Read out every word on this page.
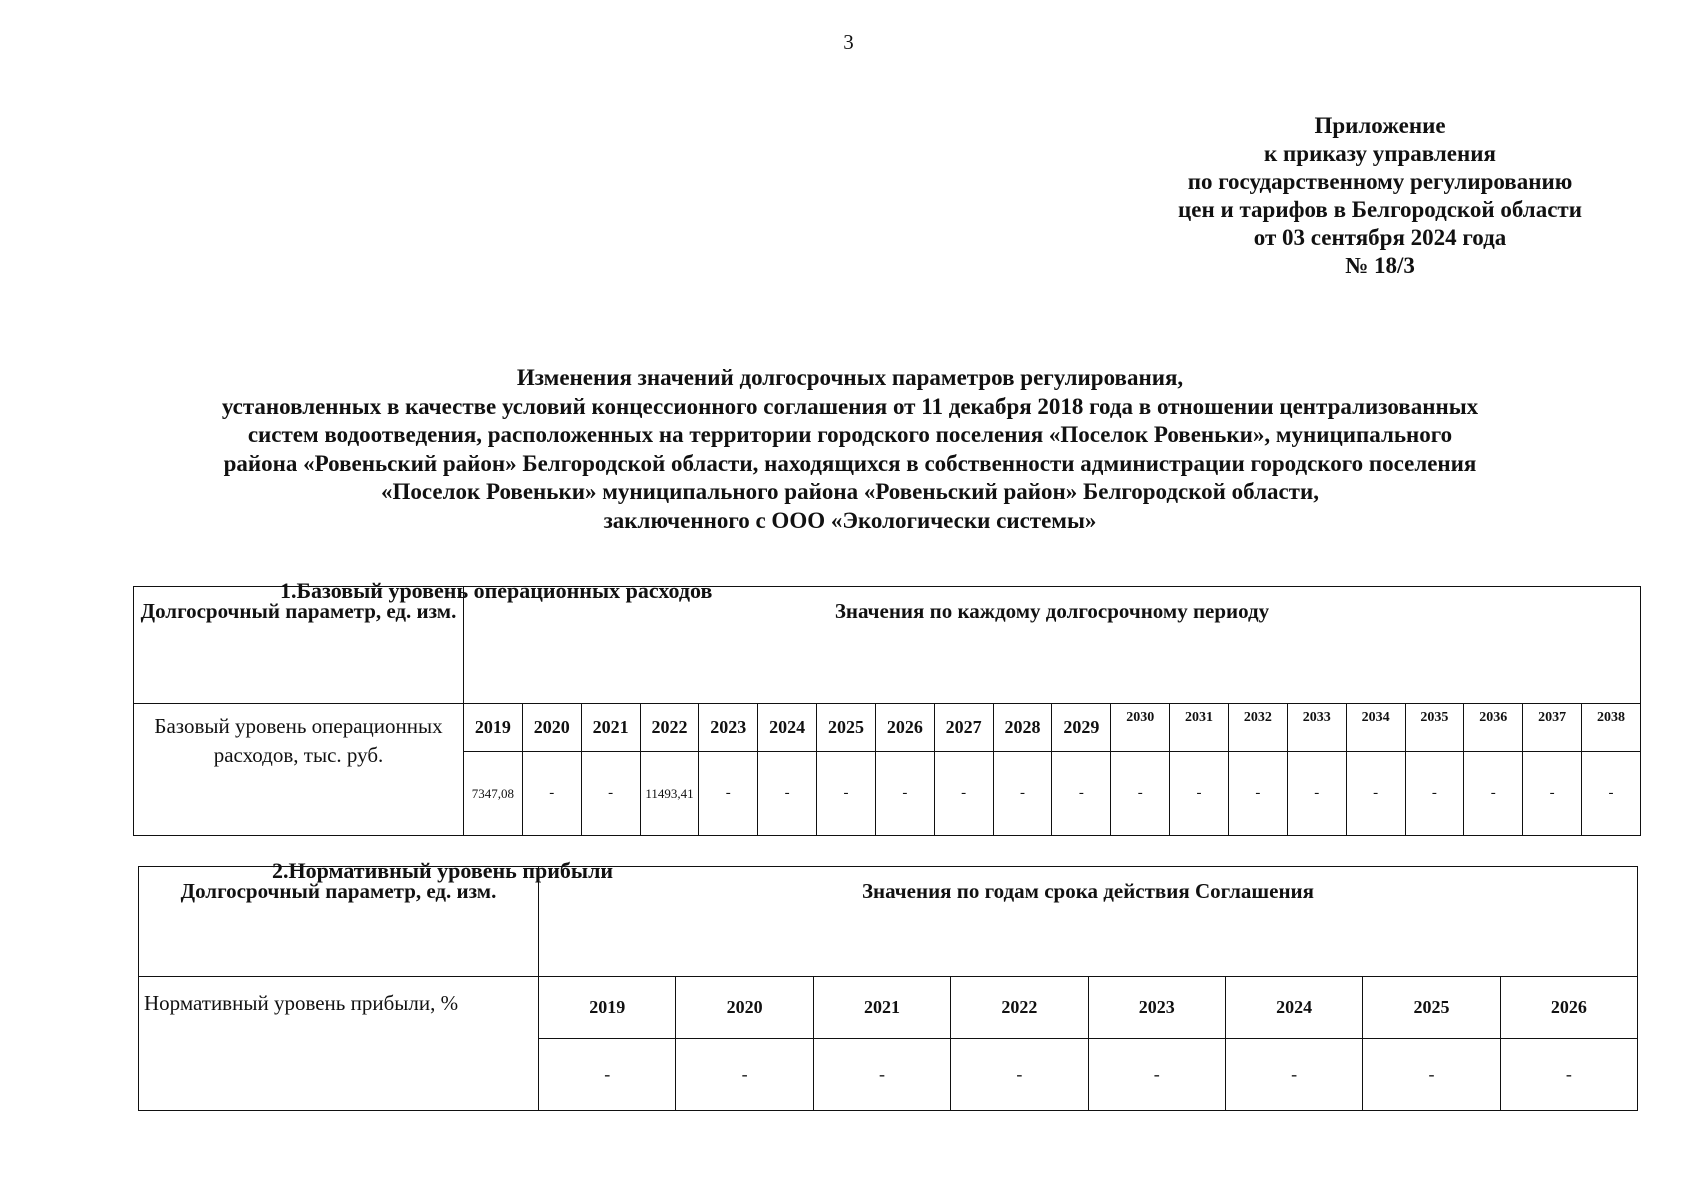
3
Приложение
к приказу управления
по государственному регулированию
цен и тарифов в Белгородской области
от 03 сентября 2024 года
№ 18/3
Изменения значений долгосрочных параметров регулирования,
установленных в качестве условий концессионного соглашения от 11 декабря 2018 года в отношении централизованных
систем водоотведения, расположенных на территории городского поселения «Поселок Ровеньки», муниципального
района «Ровеньский район» Белгородской области, находящихся в собственности администрации городского поселения
«Поселок Ровеньки» муниципального района «Ровеньский район» Белгородской области,
заключенного с ООО «Экологически системы»
1.Базовый уровень операционных расходов
Долгосрочный параметр, ед. изм.	Значения по каждому долгосрочному периоду																			
Базовый уровень операционных расходов, тыс. руб.	2019	2020	2021	2022	2023	2024	2025	2026	2027	2028	2029	2030	2031	2032	2033	2034	2035	2036	2037	2038
	7347,08	-	-	11493,41	-	-	-	-	-	-	-	-	-	-	-	-	-	-	-	-
2.Нормативный уровень прибыли
Долгосрочный параметр, ед. изм.	Значения по годам срока действия Соглашения							
Нормативный уровень прибыли, %	2019	2020	2021	2022	2023	2024	2025	2026
	-	-	-	-	-	-	-	-
